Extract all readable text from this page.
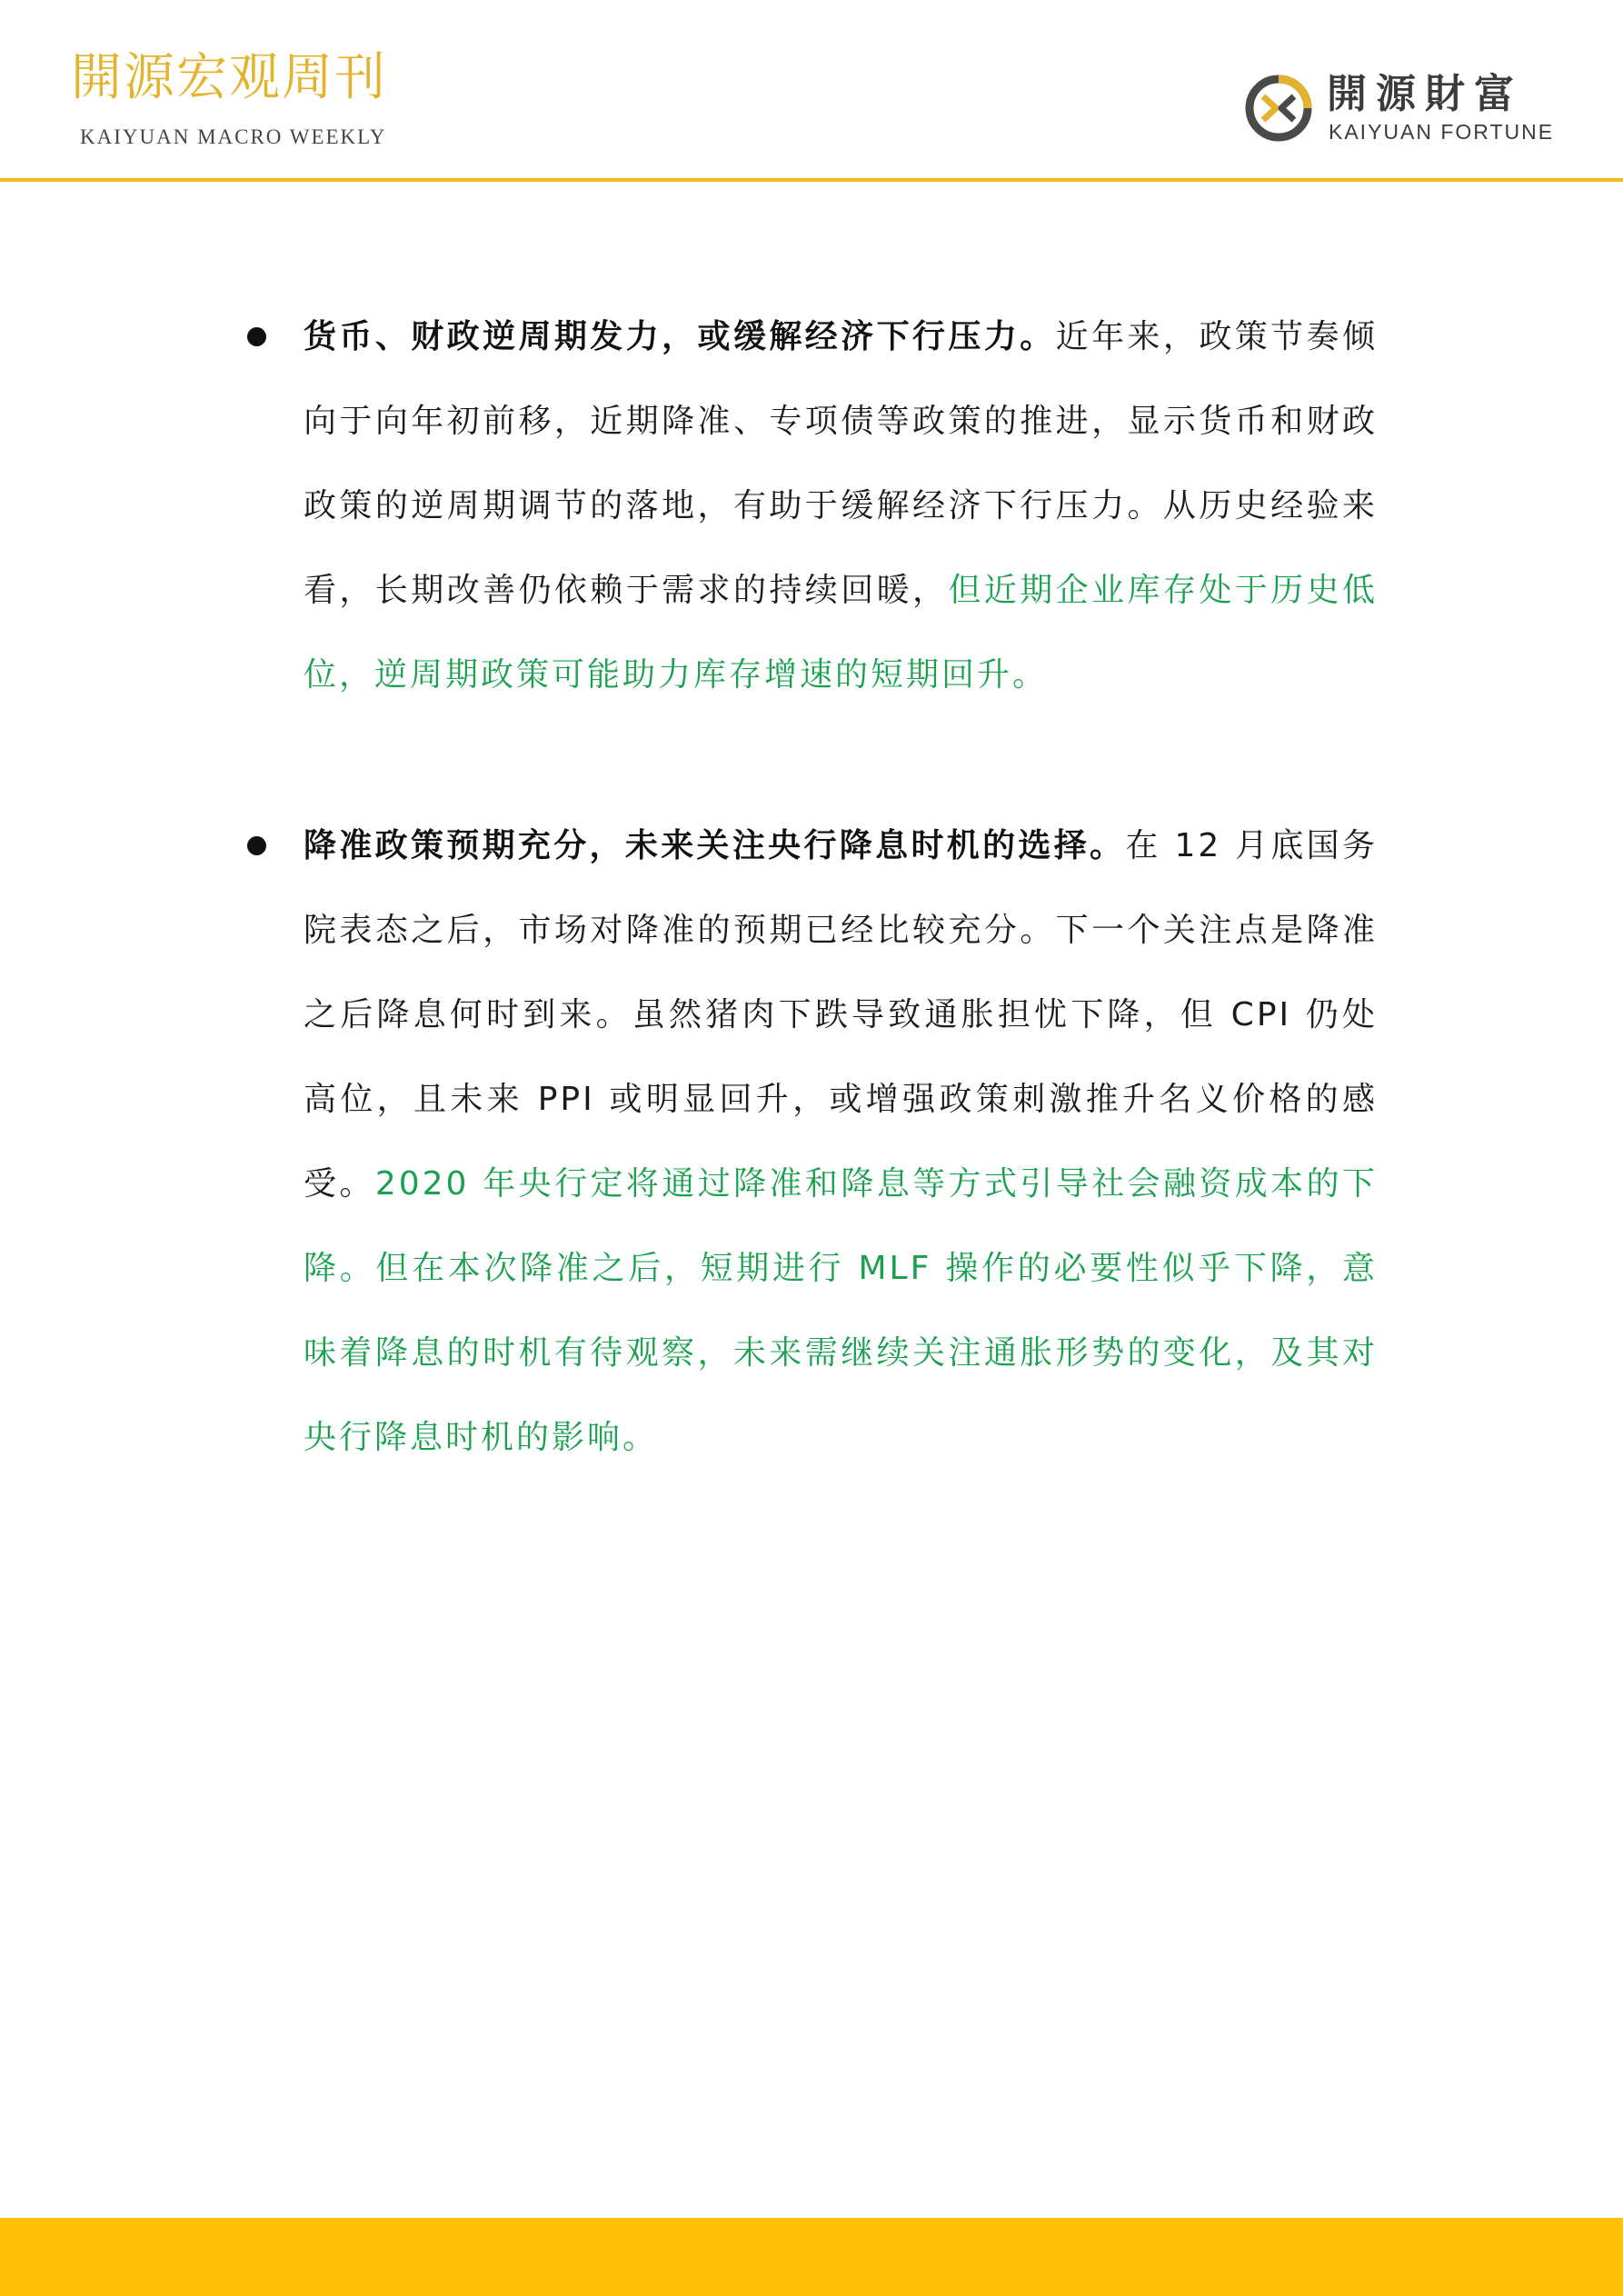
開源宏观周刊
KAIYUAN MACRO WEEKLY
開源財富
KAIYUAN FORTUNE

货币、财政逆周期发力，或缓解经济下行压力。近年来，政策节奏倾向于向年初前移，近期降准、专项债等政策的推进，显示货币和财政政策的逆周期调节的落地，有助于缓解经济下行压力。从历史经验来看，长期改善仍依赖于需求的持续回暖，但近期企业库存处于历史低位，逆周期政策可能助力库存增速的短期回升。

降准政策预期充分，未来关注央行降息时机的选择。在 12 月底国务院表态之后，市场对降准的预期已经比较充分。下一个关注点是降准之后降息何时到来。虽然猪肉下跌导致通胀担忧下降，但 CPI 仍处高位，且未来 PPI 或明显回升，或增强政策刺激推升名义价格的感受。2020 年央行定将通过降准和降息等方式引导社会融资成本的下降。但在本次降准之后，短期进行 MLF 操作的必要性似乎下降，意味着降息的时机有待观察，未来需继续关注通胀形势的变化，及其对央行降息时机的影响。
